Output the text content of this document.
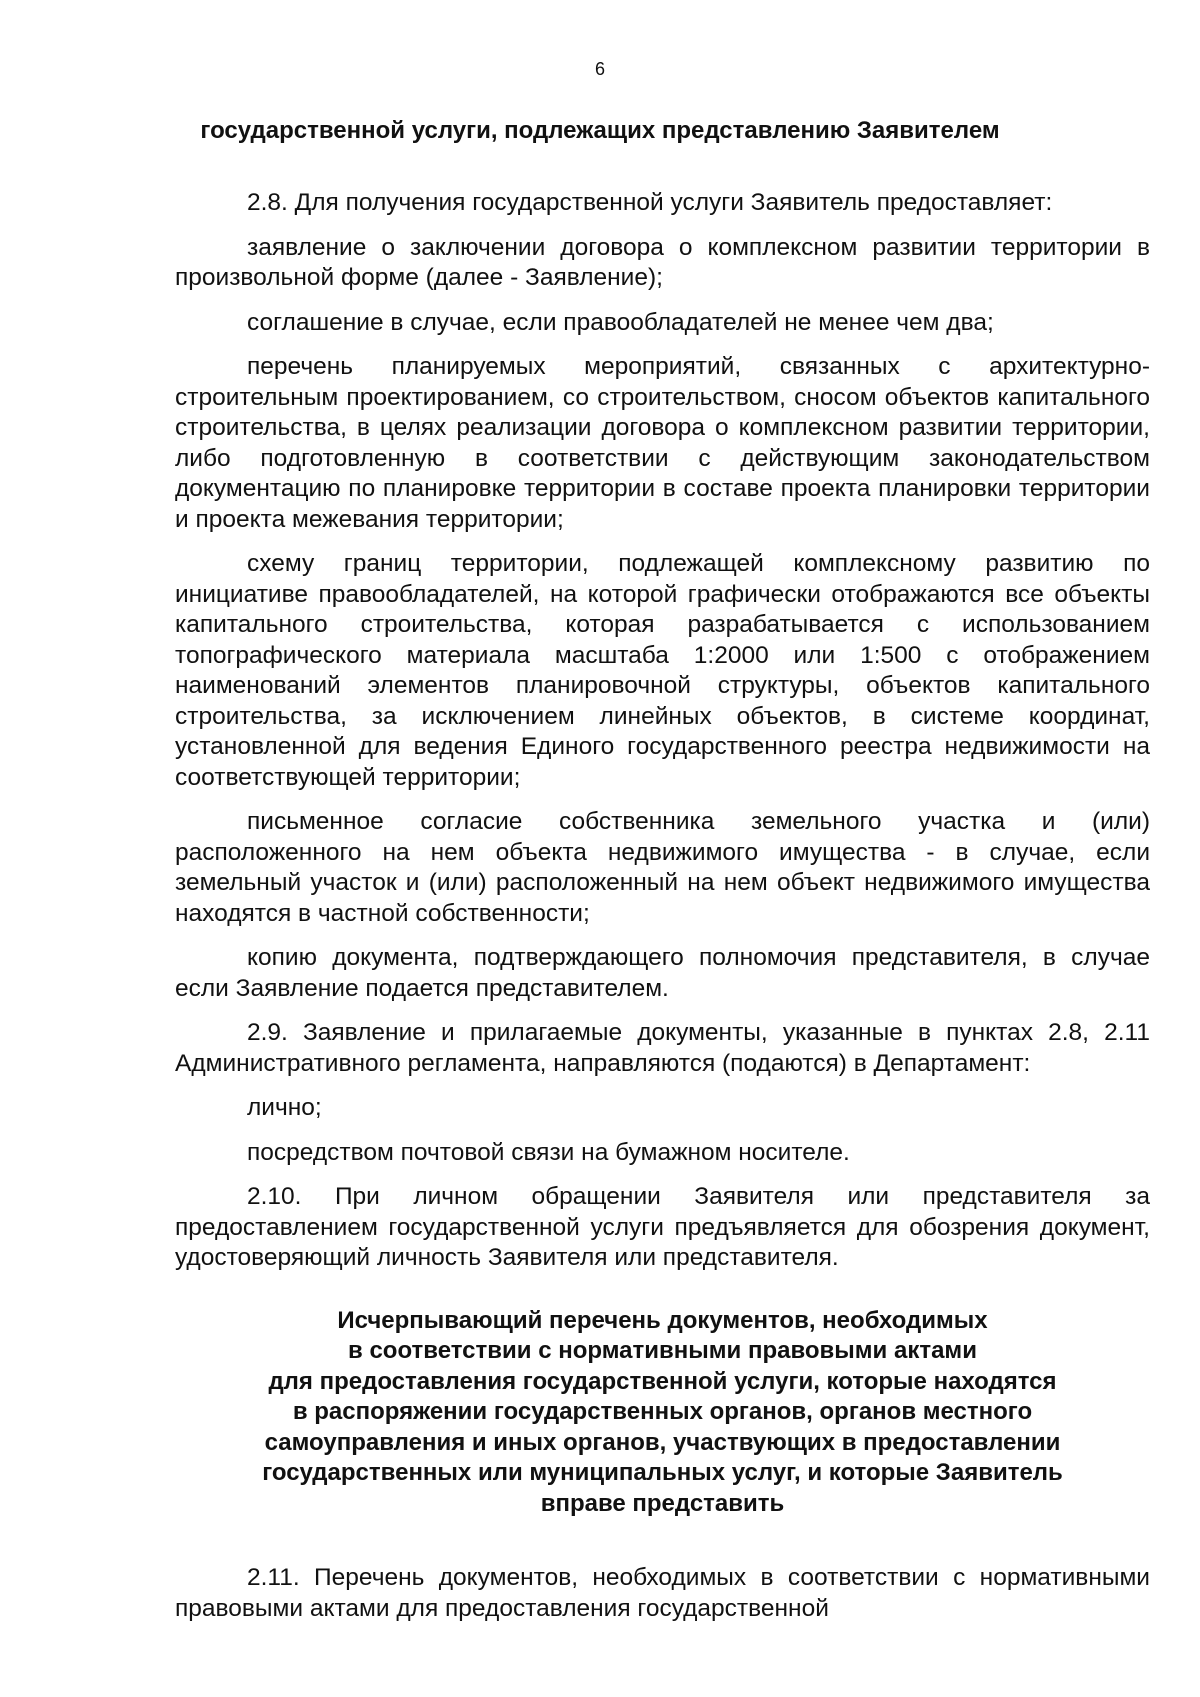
6
государственной услуги, подлежащих представлению Заявителем

2.8. Для получения государственной услуги Заявитель предоставляет:

заявление о заключении договора о комплексном развитии территории в произвольной форме (далее - Заявление);

соглашение в случае, если правообладателей не менее чем два;

перечень планируемых мероприятий, связанных с архитектурно-строительным проектированием, со строительством, сносом объектов капитального строительства, в целях реализации договора о комплексном развитии территории, либо подготовленную в соответствии с действующим законодательством документацию по планировке территории в составе проекта планировки территории и проекта межевания территории;

схему границ территории, подлежащей комплексному развитию по инициативе правообладателей, на которой графически отображаются все объекты капитального строительства, которая разрабатывается с использованием топографического материала масштаба 1:2000 или 1:500 с отображением наименований элементов планировочной структуры, объектов капитального строительства, за исключением линейных объектов, в системе координат, установленной для ведения Единого государственного реестра недвижимости на соответствующей территории;

письменное согласие собственника земельного участка и (или) расположенного на нем объекта недвижимого имущества - в случае, если земельный участок и (или) расположенный на нем объект недвижимого имущества находятся в частной собственности;

копию документа, подтверждающего полномочия представителя, в случае если Заявление подается представителем.

2.9. Заявление и прилагаемые документы, указанные в пунктах 2.8, 2.11 Административного регламента, направляются (подаются) в Департамент:

лично;

посредством почтовой связи на бумажном носителе.

2.10. При личном обращении Заявителя или представителя за предоставлением государственной услуги предъявляется для обозрения документ, удостоверяющий личность Заявителя или представителя.

Исчерпывающий перечень документов, необходимых
в соответствии с нормативными правовыми актами
для предоставления государственной услуги, которые находятся
в распоряжении государственных органов, органов местного
самоуправления и иных органов, участвующих в предоставлении
государственных или муниципальных услуг, и которые Заявитель
вправе представить

2.11. Перечень документов, необходимых в соответствии с нормативными правовыми актами для предоставления государственной
